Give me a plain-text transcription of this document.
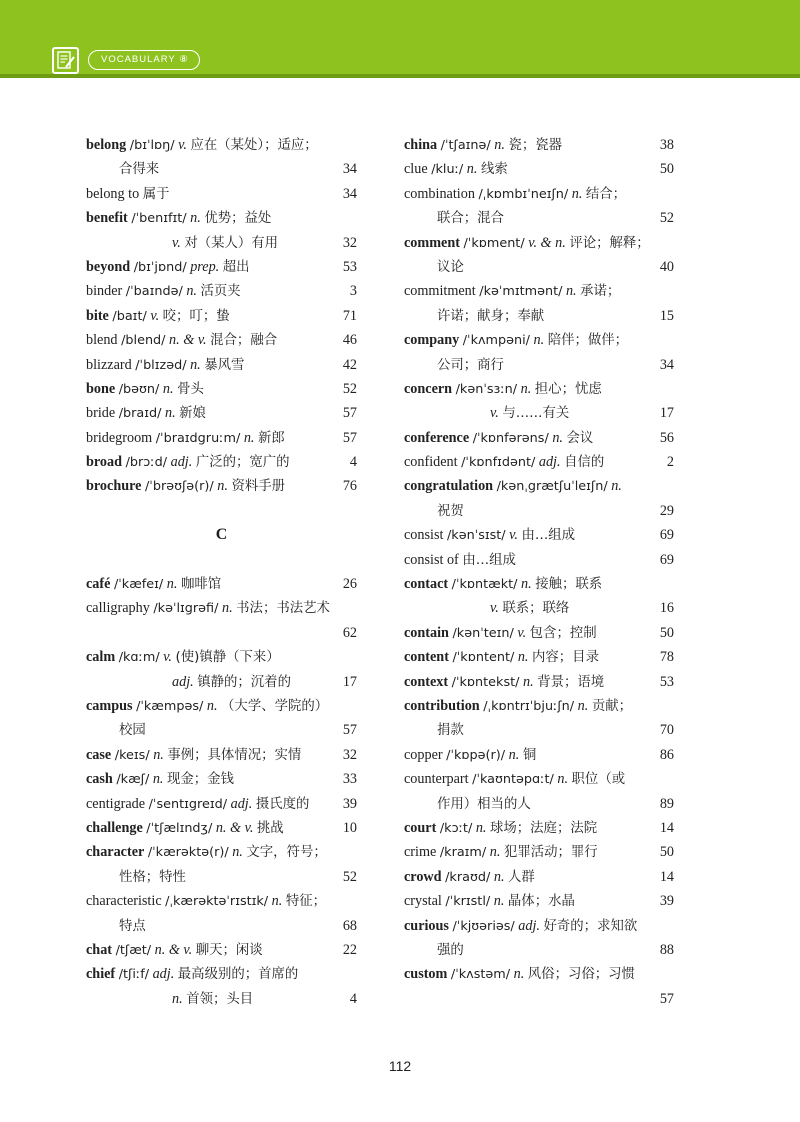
VOCABULARY ⑧
belong /bɪˈlɒŋ/ v. 应在（某处）；适应；
合得来	34
belong to 属于	34
benefit /ˈbenɪfɪt/ n. 优势；益处
v. 对（某人）有用	32
beyond /bɪˈjɒnd/ prep. 超出	53
binder /ˈbaɪndə/ n. 活页夹	3
bite /baɪt/ v. 咬；叮；蛰	71
blend /blend/ n. & v. 混合；融合	46
blizzard /ˈblɪzəd/ n. 暴风雪	42
bone /bəʊn/ n. 骨头	52
bride /braɪd/ n. 新娘	57
bridegroom /ˈbraɪdgruːm/ n. 新郎	57
broad /brɔːd/ adj. 广泛的；宽广的	4
brochure /ˈbrəʊʃə(r)/ n. 资料手册	76
C
café /ˈkæfeɪ/ n. 咖啡馆	26
calligraphy /kəˈlɪgrəfi/ n. 书法；书法艺术
62
calm /kɑːm/ v. (使)镇静（下来）
adj. 镇静的；沉着的	17
campus /ˈkæmpəs/ n. （大学、学院的）
校园	57
case /keɪs/ n. 事例；具体情况；实情	32
cash /kæʃ/ n. 现金；金钱	33
centigrade /ˈsentɪgreɪd/ adj. 摄氏度的 39
challenge /ˈtʃælɪndʒ/ n. & v. 挑战	10
character /ˈkærəktə(r)/ n. 文字，符号；
性格；特性	52
characteristic /ˌkærəktəˈrɪstɪk/ n. 特征；
特点	68
chat /tʃæt/ n. & v. 聊天；闲谈	22
chief /tʃiːf/ adj. 最高级别的；首席的
n. 首领；头目	4
china /ˈtʃaɪnə/ n. 瓷；瓷器	38
clue /kluː/ n. 线索	50
combination /ˌkɒmbɪˈneɪʃn/ n. 结合；
联合；混合	52
comment /ˈkɒment/ v. & n. 评论；解释；
议论	40
commitment /kəˈmɪtmənt/ n. 承诺；
许诺；献身；奉献	15
company /ˈkʌmpəni/ n. 陪伴；做伴；
公司；商行	34
concern /kənˈsɜːn/ n. 担心；忧虑
v. 与……有关	17
conference /ˈkɒnfərəns/ n. 会议	56
confident /ˈkɒnfɪdənt/ adj. 自信的	2
congratulation /kənˌgrætʃuˈleɪʃn/ n.
祝贺	29
consist /kənˈsɪst/ v. 由…组成	69
consist of 由…组成	69
contact /ˈkɒntækt/ n. 接触；联系
v. 联系；联络	16
contain /kənˈteɪn/ v. 包含；控制	50
content /ˈkɒntent/ n. 内容；目录	78
context /ˈkɒntekst/ n. 背景；语境	53
contribution /ˌkɒntrɪˈbjuːʃn/ n. 贡献；
捐款	70
copper /ˈkɒpə(r)/ n. 铜	86
counterpart /ˈkaʊntəpɑːt/ n. 职位（或
作用）相当的人	89
court /kɔːt/ n. 球场；法庭；法院	14
crime /kraɪm/ n. 犯罪活动；罪行	50
crowd /kraʊd/ n. 人群	14
crystal /ˈkrɪstl/ n. 晶体；水晶	39
curious /ˈkjʊəriəs/ adj. 好奇的；求知欲
强的	88
custom /ˈkʌstəm/ n. 风俗；习俗；习惯
57
112
